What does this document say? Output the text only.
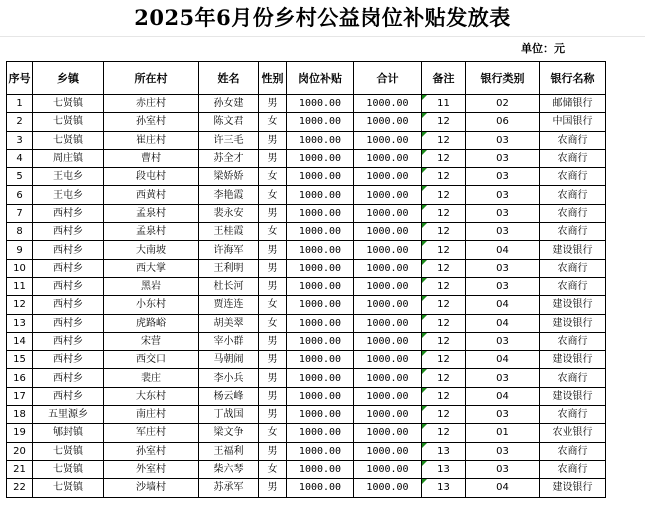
2025年6月份乡村公益岗位补贴发放表
单位：元
序号	乡镇	所在村	姓名	性别	岗位补贴	合计	备注	银行类别	银行名称
1	七贤镇	赤庄村	孙女建	男	1000.00	1000.00	11	02	邮储银行
2	七贤镇	孙室村	陈文君	女	1000.00	1000.00	12	06	中国银行
3	七贤镇	崔庄村	许三毛	男	1000.00	1000.00	12	03	农商行
4	周庄镇	曹村	苏全才	男	1000.00	1000.00	12	03	农商行
5	王屯乡	段屯村	梁娇娇	女	1000.00	1000.00	12	03	农商行
6	王屯乡	西黄村	李艳霞	女	1000.00	1000.00	12	03	农商行
7	西村乡	孟泉村	裴永安	男	1000.00	1000.00	12	03	农商行
8	西村乡	孟泉村	王桂霞	女	1000.00	1000.00	12	03	农商行
9	西村乡	大南坡	许海军	男	1000.00	1000.00	12	04	建设银行
10	西村乡	西大掌	王利明	男	1000.00	1000.00	12	03	农商行
11	西村乡	黑岩	杜长河	男	1000.00	1000.00	12	03	农商行
12	西村乡	小东村	贾连连	女	1000.00	1000.00	12	04	建设银行
13	西村乡	虎路峪	胡美翠	女	1000.00	1000.00	12	04	建设银行
14	西村乡	宋营	宰小群	男	1000.00	1000.00	12	03	农商行
15	西村乡	西交口	马朝闹	男	1000.00	1000.00	12	04	建设银行
16	西村乡	裴庄	李小兵	男	1000.00	1000.00	12	03	农商行
17	西村乡	大东村	杨云峰	男	1000.00	1000.00	12	04	建设银行
18	五里源乡	南庄村	丁战国	男	1000.00	1000.00	12	03	农商行
19	郇封镇	军庄村	梁文争	女	1000.00	1000.00	12	01	农业银行
20	七贤镇	孙室村	王福利	男	1000.00	1000.00	13	03	农商行
21	七贤镇	外室村	柴六琴	女	1000.00	1000.00	13	03	农商行
22	七贤镇	沙墙村	苏承军	男	1000.00	1000.00	13	04	建设银行
